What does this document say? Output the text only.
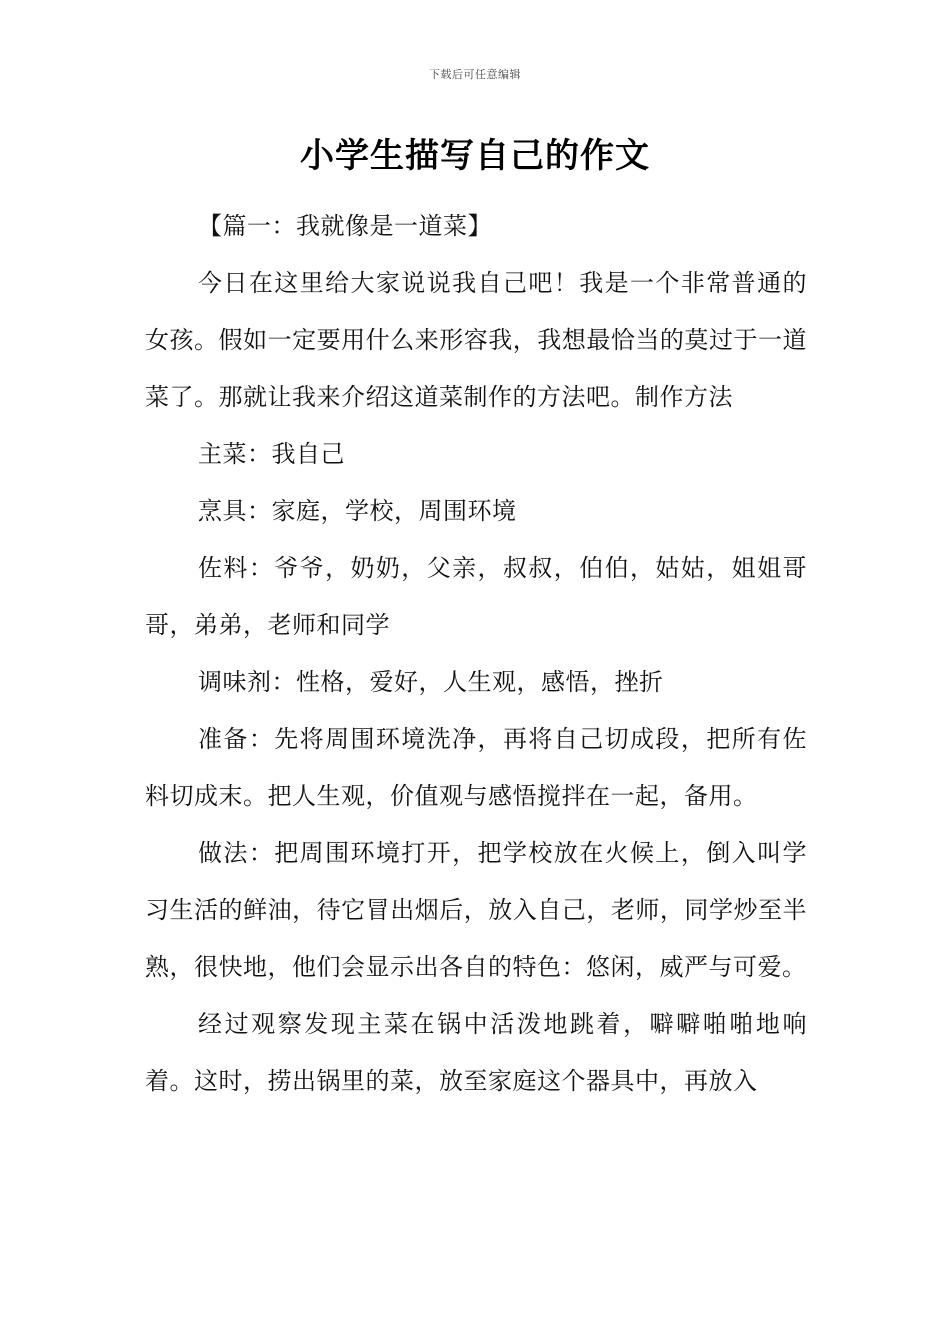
下载后可任意编辑
小学生描写自己的作文

【篇一：我就像是一道菜】

今日在这里给大家说说我自己吧！我是一个非常普通的女孩。假如一定要用什么来形容我，我想最恰当的莫过于一道菜了。那就让我来介绍这道菜制作的方法吧。制作方法

主菜：我自己

烹具：家庭，学校，周围环境

佐料：爷爷，奶奶，父亲，叔叔，伯伯，姑姑，姐姐哥哥，弟弟，老师和同学

调味剂：性格，爱好，人生观，感悟，挫折

准备：先将周围环境洗净，再将自己切成段，把所有佐料切成末。把人生观，价值观与感悟搅拌在一起，备用。

做法：把周围环境打开，把学校放在火候上，倒入叫学习生活的鲜油，待它冒出烟后，放入自己，老师，同学炒至半熟，很快地，他们会显示出各自的特色：悠闲，威严与可爱。

经过观察发现主菜在锅中活泼地跳着，噼噼啪啪地响着。这时，捞出锅里的菜，放至家庭这个器具中，再放入
